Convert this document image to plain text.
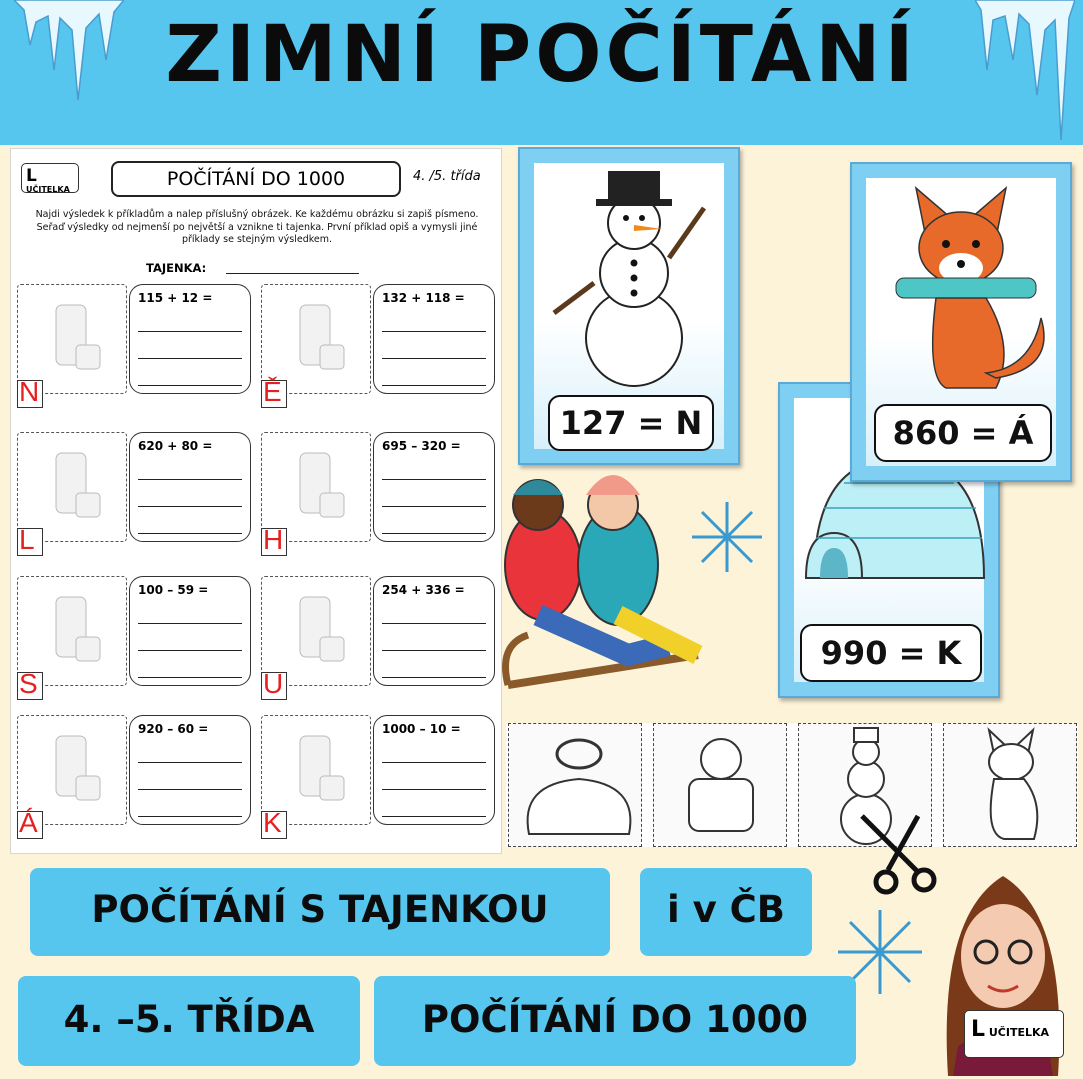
ZIMNÍ POČÍTÁNÍ
L UČITELKA	POČÍTÁNÍ DO 1000	4. /5. třída
Najdi výsledek k příkladům a nalep příslušný obrázek. Ke každému obrázku si zapiš písmeno. Seřaď výsledky od nejmenší po největší a vznikne ti tajenka. První příklad opiš a vymysli jiné příklady se stejným výsledkem.
TAJENKA:
115 + 12 =
N
132 + 118 =
Ě
620 + 80 =
L
695 – 320 =
H
100 – 59 =
S
254 + 336 =
U
920 – 60 =
Á
1000 – 10 =
K
127 = N
990 = K
860 = Á
POČÍTÁNÍ S TAJENKOU	i v ČB
4. –5. TŘÍDA	POČÍTÁNÍ DO 1000	L UČITELKA
